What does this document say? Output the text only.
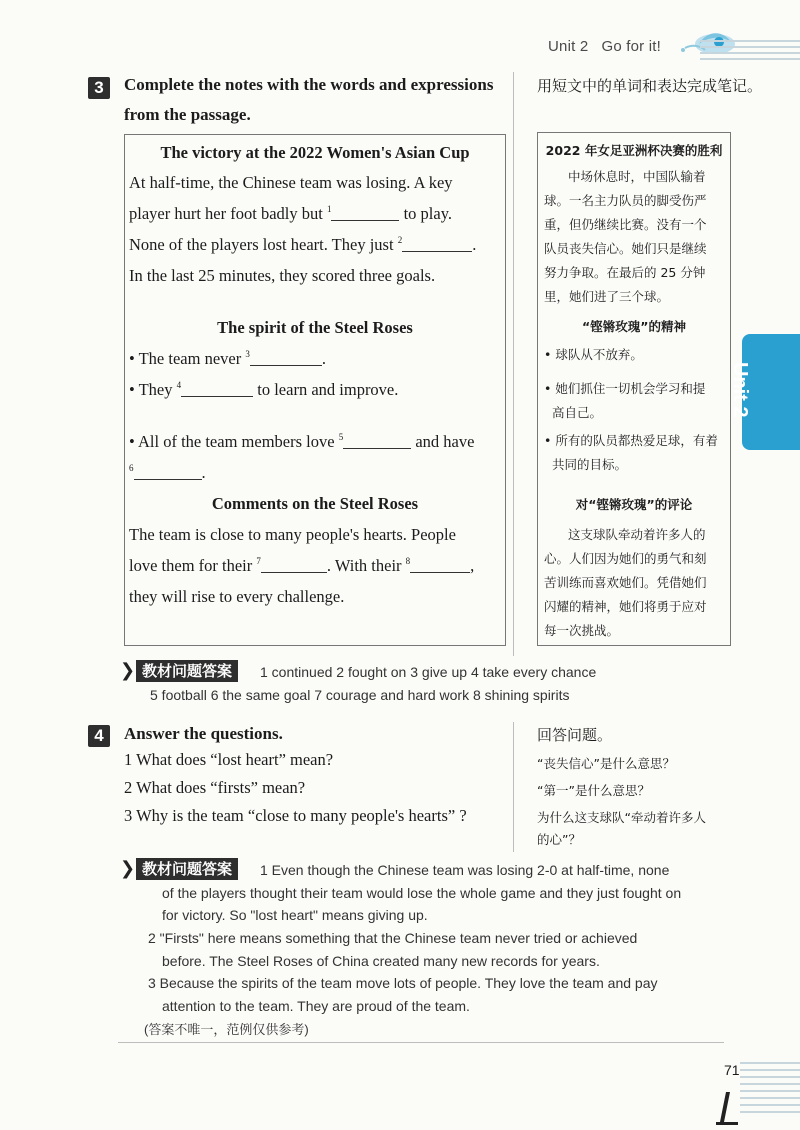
Unit 2 Go for it!
3	Complete the notes with the words and expressions
from the passage.
用短文中的单词和表达完成笔记。
The victory at the 2022 Women's Asian Cup
At half-time, the Chinese team was losing. A key
player hurt her foot badly but $^1$	to play.
None of the players lost heart. They just $^2$	.
In the last 25 minutes, they scored three goals.
The spirit of the Steel Roses
• The team never $^3$	.
• They $^4$	to learn and improve.
• All of the team members love $^5$	and have
$^6$	.
Comments on the Steel Roses
The team is close to many people's hearts. People
love them for their $^7$	. With their $^8$	,
they will rise to every challenge.
2022 年女足亚洲杯决赛的胜利
中场休息时，中国队输着
球。一名主力队员的脚受伤严
重，但仍继续比赛。没有一个
队员丧失信心。她们只是继续
努力争取。在最后的 25 分钟
里，她们进了三个球。
“铿锵玫瑰”的精神
• 球队从不放弃。
• 她们抓住一切机会学习和提
高自己。
• 所有的队员都热爱足球，有着
共同的目标。
对“铿锵玫瑰”的评论
这支球队牵动着许多人的
心。人们因为她们的勇气和刻
苦训练而喜欢她们。凭借她们
闪耀的精神，她们将勇于应对
每一次挑战。
Unit 2
❯ 教材问题答案	1 continued 2 fought on 3 give up 4 take every chance
5 football 6 the same goal 7 courage and hard work 8 shining spirits
4	Answer the questions.	回答问题。
1 What does “lost heart” mean?
2 What does “firsts” mean?
3 Why is the team “close to many people's hearts” ?
“丧失信心”是什么意思？
“第一”是什么意思？
为什么这支球队“牵动着许多人
的心”？
❯ 教材问题答案	1 Even though the Chinese team was losing 2-0 at half-time, none
of the players thought their team would lose the whole game and they just fought on
for victory. So "lost heart" means giving up.
2 "Firsts" here means something that the Chinese team never tried or achieved
before. The Steel Roses of China created many new records for years.
3 Because the spirits of the team move lots of people. They love the team and pay
attention to the team. They are proud of the team.
(答案不唯一，范例仅供参考)
71
